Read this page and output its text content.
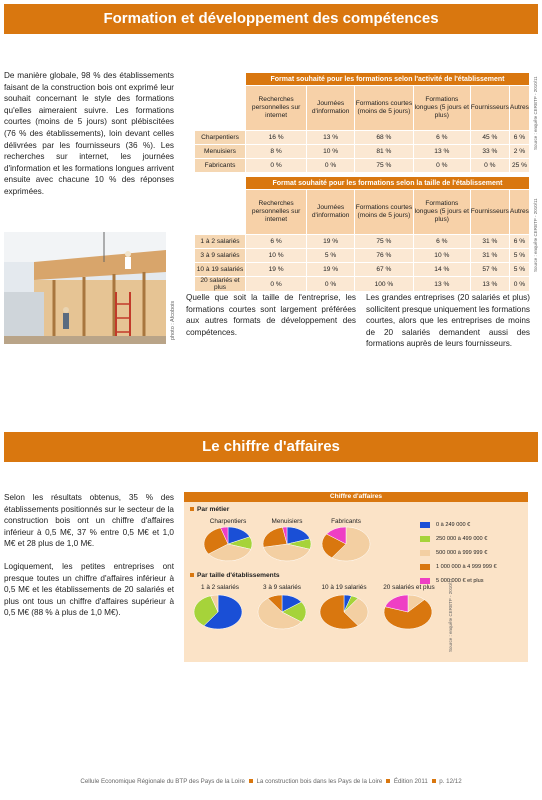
Formation et développement des compétences
De manière globale, 98 % des établissements faisant de la construction bois ont exprimé leur souhait concernant le style des formations qu'elles aimeraient suivre. Les formations courtes (moins de 5 jours) sont plébiscitées (76 % des établissements), loin devant celles délivrées par les fournisseurs (36 %). Les recherches sur internet, les journées d'information et les formations longues arrivent ensuite avec chacune 10 % des réponses exprimées.
	Format souhaité pour les formations selon l'activité de l'établissement					
	Recherches personnelles sur internet	Journées d'information	Formations courtes (moins de 5 jours)	Formations longues (5 jours et plus)	Fournisseurs	Autres
Charpentiers	16 %	13 %	68 %	6 %	45 %	6 %
Menuisiers	8 %	10 %	81 %	13 %	33 %	2 %
Fabricants	0 %	0 %	75 %	0 %	0 %	25 %
Source : enquête CERBTP - 2010/11
	Format souhaité pour les formations selon la taille de l'établissement					
	Recherches personnelles sur internet	Journées d'information	Formations courtes (moins de 5 jours)	Formations longues (5 jours et plus)	Fournisseurs	Autres
1 à 2 salariés	6 %	19 %	75 %	6 %	31 %	6 %
3 à 9 salariés	10 %	5 %	76 %	10 %	31 %	5 %
10 à 19 salariés	19 %	19 %	67 %	14 %	57 %	5 %
20 salariés et plus	0 %	0 %	100 %	13 %	13 %	0 %
Source : enquête CERBTP - 2010/11
photo : Afcobois
Quelle que soit la taille de l'entreprise, les formations courtes sont largement préférées aux autres formats de développement des compétences.
Les grandes entreprises (20 salariés et plus) sollicitent presque uniquement les formations courtes, alors que les entreprises de moins de 20 salariés demandent aussi des formations auprès de leurs fournisseurs.
Le chiffre d'affaires

Selon les résultats obtenus, 35 % des établissements positionnés sur le secteur de la construction bois ont un chiffre d'affaires inférieur à 0,5 M€, 37 % entre 0,5 M€ et 1,0 M€ et 28 plus de 1,0 M€.

Logiquement, les petites entreprises ont presque toutes un chiffre d'affaires inférieur à 0,5 M€ et les établissements de 20 salariés et plus ont tous un chiffre d'affaires supérieur à 0,5 M€ (88 % à plus de 1,0 M€).

Chiffre d'affaires
Par métier
Charpentiers	Menuisiers	Fabricants
Par taille d'établissements
1 à 2 salariés	3 à 9 salariés	10 à 19 salariés	20 salariés et plus
0 à 249 000 €
250 000 à 499 000 €
500 000 à 999 999 €
1 000 000 à 4 999 999 €
5 000 000 € et plus
Source : enquête CERBTP - 2010/11
Cellule Economique Régionale du BTP des Pays de la Loire La construction bois dans les Pays de la Loire Édition 2011 p. 12/12
